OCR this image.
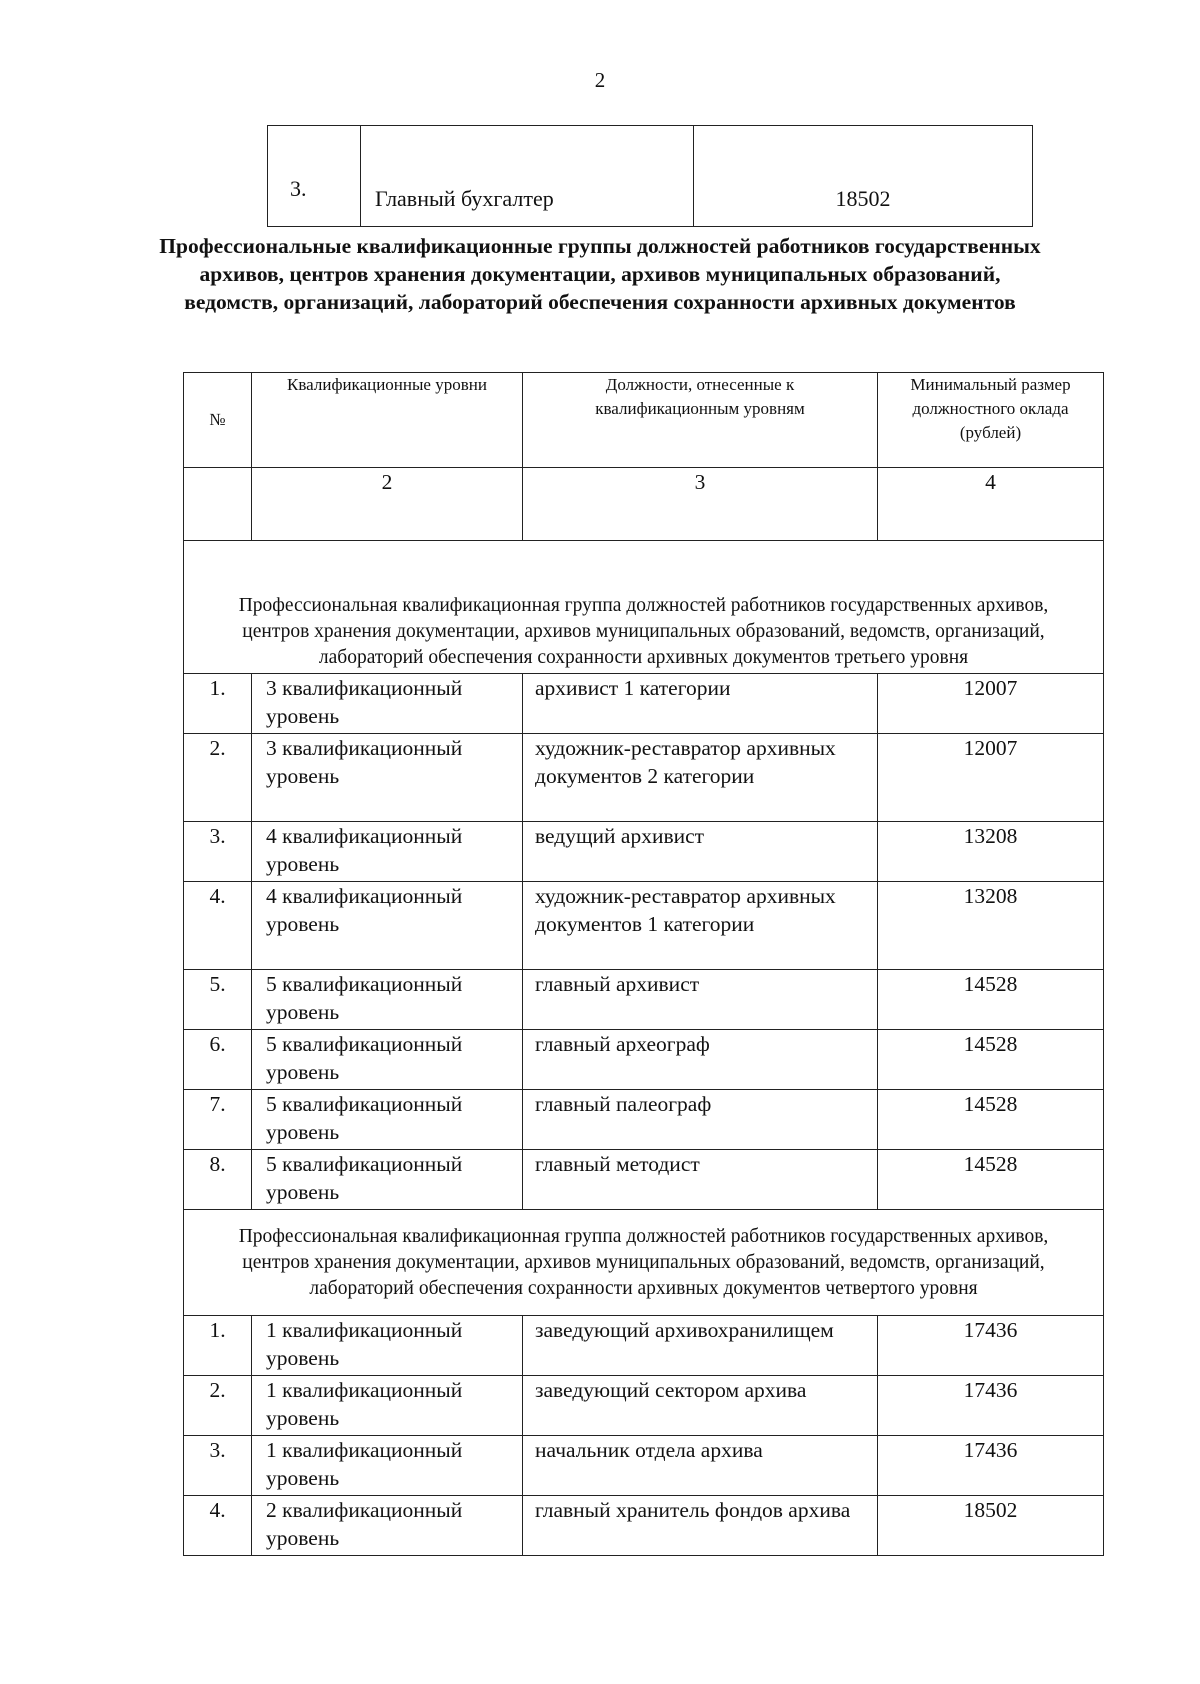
2
3.	Главный бухгалтер	18502
Профессиональные квалификационные группы должностей работников государственных архивов, центров хранения документации, архивов муниципальных образований, ведомств, организаций, лабораторий обеспечения сохранности архивных документов
№	Квалификационные уровни	Должности, отнесенные к квалификационным уровням	Минимальный размер должностного оклада (рублей)
	2	3	4
Профессиональная квалификационная группа должностей работников государственных архивов, центров хранения документации, архивов муниципальных образований, ведомств, организаций, лабораторий обеспечения сохранности архивных документов третьего уровня			
1.	3 квалификационный уровень	архивист 1 категории	12007
2.	3 квалификационный уровень	художник-реставратор архивных документов 2 категории	12007
3.	4 квалификационный уровень	ведущий архивист	13208
4.	4 квалификационный уровень	художник-реставратор архивных документов 1 категории	13208
5.	5 квалификационный уровень	главный архивист	14528
6.	5 квалификационный уровень	главный археограф	14528
7.	5 квалификационный уровень	главный палеограф	14528
8.	5 квалификационный уровень	главный методист	14528
Профессиональная квалификационная группа должностей работников государственных архивов, центров хранения документации, архивов муниципальных образований, ведомств, организаций, лабораторий обеспечения сохранности архивных документов четвертого уровня			
1.	1 квалификационный уровень	заведующий архивохранилищем	17436
2.	1 квалификационный уровень	заведующий сектором архива	17436
3.	1 квалификационный уровень	начальник отдела архива	17436
4.	2 квалификационный уровень	главный хранитель фондов архива	18502
